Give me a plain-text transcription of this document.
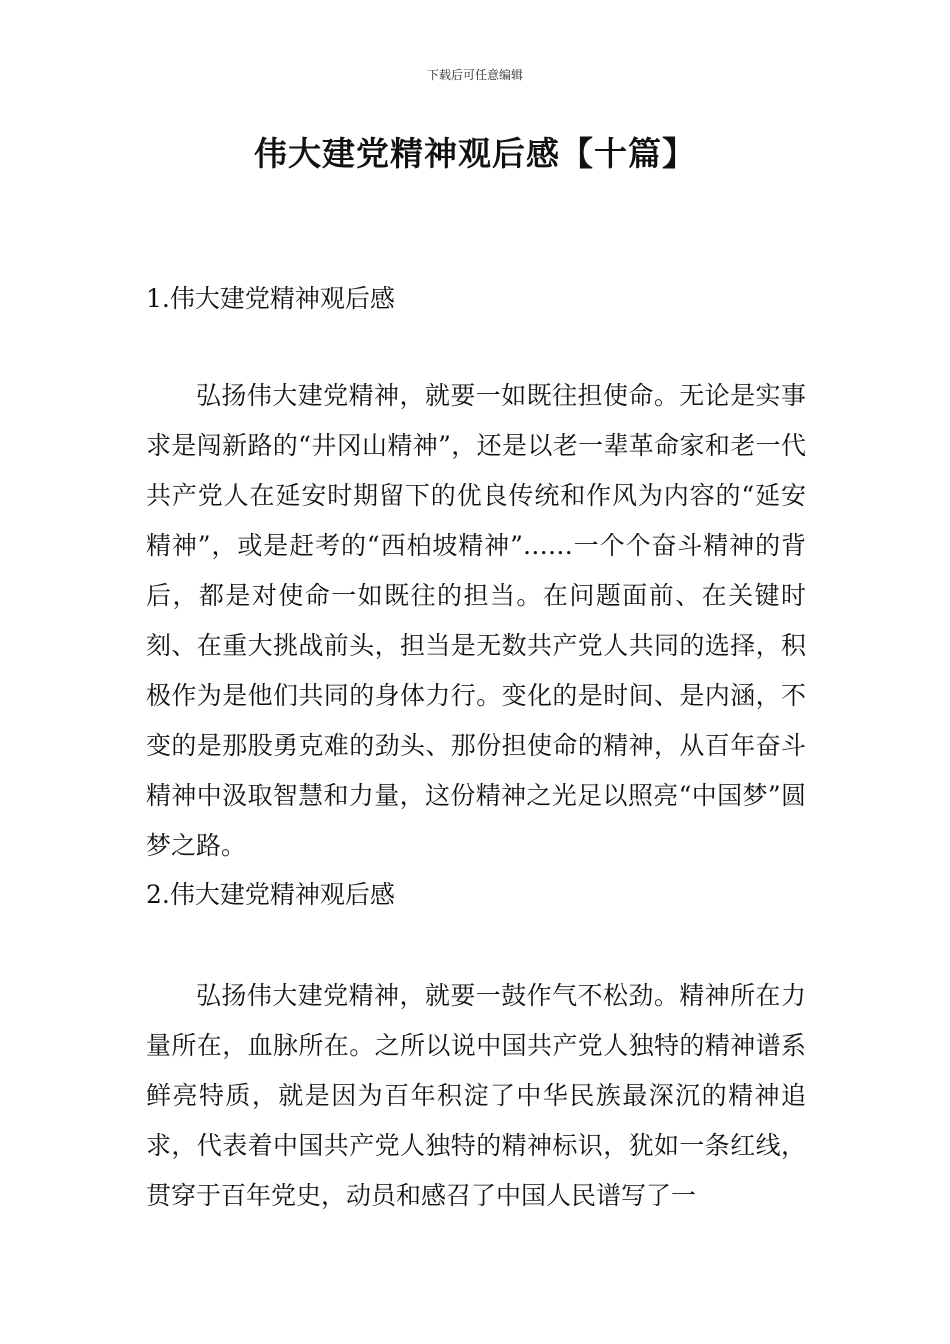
下载后可任意编辑
伟大建党精神观后感【十篇】
1.伟大建党精神观后感

弘扬伟大建党精神，就要一如既往担使命。无论是实事求是闯新路的“井冈山精神”，还是以老一辈革命家和老一代共产党人在延安时期留下的优良传统和作风为内容的“延安精神”，或是赶考的“西柏坡精神”……一个个奋斗精神的背后，都是对使命一如既往的担当。在问题面前、在关键时刻、在重大挑战前头，担当是无数共产党人共同的选择，积极作为是他们共同的身体力行。变化的是时间、是内涵，不变的是那股勇克难的劲头、那份担使命的精神，从百年奋斗精神中汲取智慧和力量，这份精神之光足以照亮“中国梦”圆梦之路。

2.伟大建党精神观后感

弘扬伟大建党精神，就要一鼓作气不松劲。精神所在力量所在，血脉所在。之所以说中国共产党人独特的精神谱系鲜亮特质，就是因为百年积淀了中华民族最深沉的精神追求，代表着中国共产党人独特的精神标识，犹如一条红线，贯穿于百年党史，动员和感召了中国人民谱写了一
